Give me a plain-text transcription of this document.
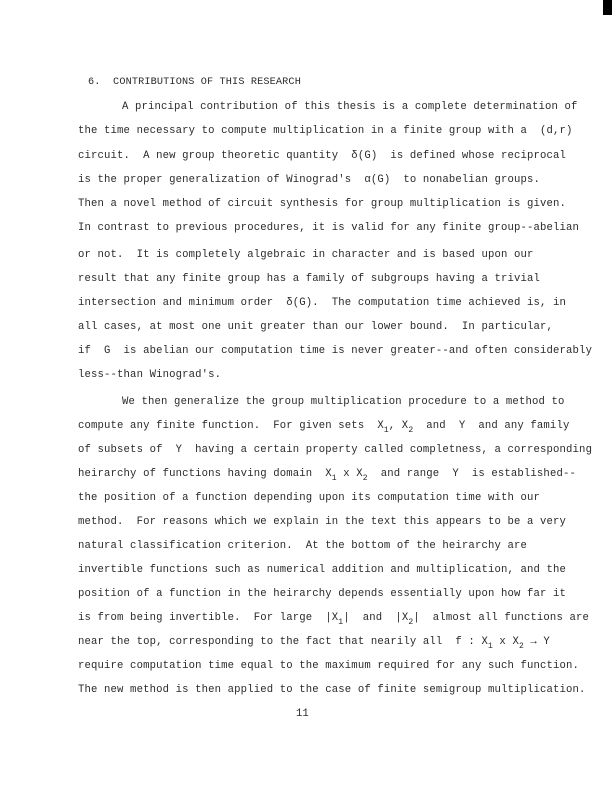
6.  CONTRIBUTIONS OF THIS RESEARCH
A principal contribution of this thesis is a complete determination of
the time necessary to compute multiplication in a finite group with a  (d,r)
circuit.  A new group theoretic quantity  δ(G)  is defined whose reciprocal
is the proper generalization of Winograd's  α(G)  to nonabelian groups.
Then a novel method of circuit synthesis for group multiplication is given.
In contrast to previous procedures, it is valid for any finite group--abelian
or not.  It is completely algebraic in character and is based upon our
result that any finite group has a family of subgroups having a trivial
intersection and minimum order  δ(G).  The computation time achieved is, in
all cases, at most one unit greater than our lower bound.  In particular,
if  G  is abelian our computation time is never greater--and often considerably
less--than Winograd's.
We then generalize the group multiplication procedure to a method to
compute any finite function.  For given sets  $X_1$, $X_2$  and  Y  and any family
of subsets of  Y  having a certain property called completness, a corresponding
heirarchy of functions having domain  $X_1$ x $X_2$  and range  Y  is established--
the position of a function depending upon its computation time with our
method.  For reasons which we explain in the text this appears to be a very
natural classification criterion.  At the bottom of the heirarchy are
invertible functions such as numerical addition and multiplication, and the
position of a function in the heirarchy depends essentially upon how far it
is from being invertible.  For large  $|X_1|$  and  $|X_2|$  almost all functions are
near the top, corresponding to the fact that nearily all  f : $X_1$ x $X_2 \to Y$
require computation time equal to the maximum required for any such function.
The new method is then applied to the case of finite semigroup multiplication.
11
